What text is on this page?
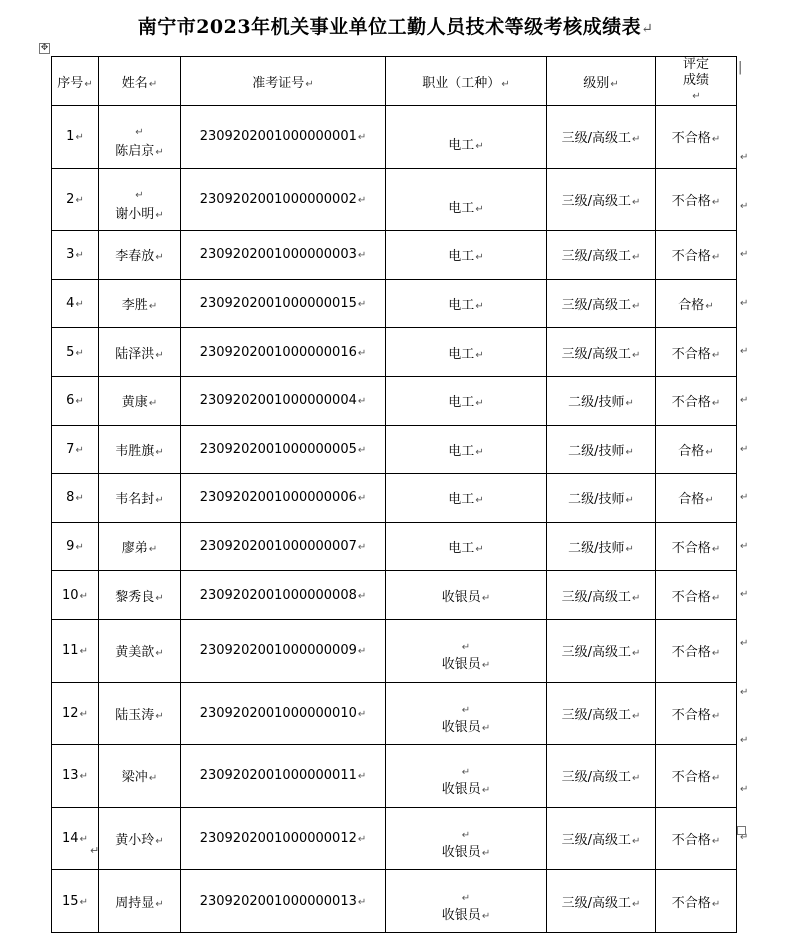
南宁市2023年机关事业单位工勤人员技术等级考核成绩表↵
✥
序号↵	姓名↵	准考证号↵	职业（工种）↵	级别↵	评定
成绩
↵

1↵	↵
陈启京↵	2309202001000000001↵	电工↵	三级/高级工↵	不合格↵
2↵	↵
谢小明↵	2309202001000000002↵	电工↵	三级/高级工↵	不合格↵
3↵	李春放↵	2309202001000000003↵	电工↵	三级/高级工↵	不合格↵
4↵	李胜↵	2309202001000000015↵	电工↵	三级/高级工↵	合格↵
5↵	陆泽洪↵	2309202001000000016↵	电工↵	三级/高级工↵	不合格↵
6↵	黄康↵	2309202001000000004↵	电工↵	二级/技师↵	不合格↵
7↵	韦胜旗↵	2309202001000000005↵	电工↵	二级/技师↵	合格↵
8↵	韦名封↵	2309202001000000006↵	电工↵	二级/技师↵	合格↵
9↵	廖弟↵	2309202001000000007↵	电工↵	二级/技师↵	不合格↵
10↵	黎秀良↵	2309202001000000008↵	收银员↵	三级/高级工↵	不合格↵
11↵	黄美歆↵	2309202001000000009↵	↵
收银员↵	三级/高级工↵	不合格↵
12↵	陆玉涛↵	2309202001000000010↵	↵
收银员↵	三级/高级工↵	不合格↵
13↵	梁冲↵	2309202001000000011↵	↵
收银员↵	三级/高级工↵	不合格↵
14↵	黄小玲↵	2309202001000000012↵	↵
收银员↵	三级/高级工↵	不合格↵
15↵	周持显↵	2309202001000000013↵	↵
收银员↵	三级/高级工↵	不合格↵
|
↵
↵
↵
↵
↵
↵
↵
↵
↵
↵
↵
↵
↵
↵
↵
↵
